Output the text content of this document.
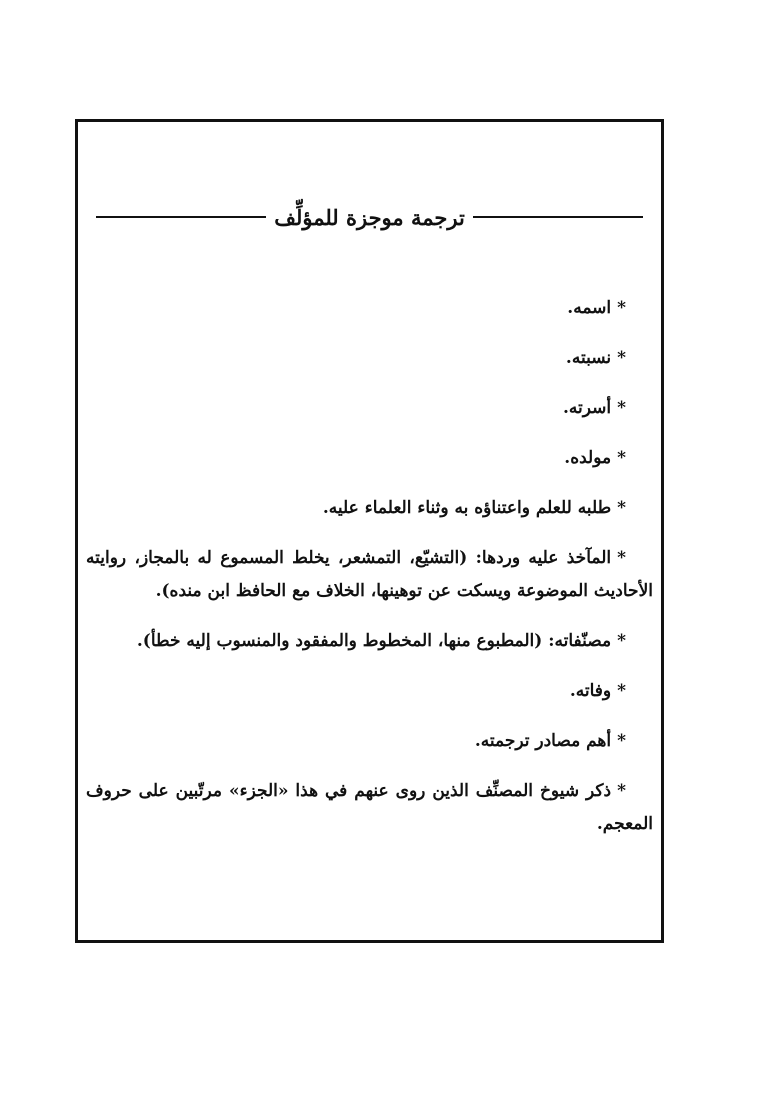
ترجمة موجزة للمؤلِّف
*اسمه.
*نسبته.
*أسرته.
*مولده.
*طلبه للعلم واعتناؤه به وثناء العلماء عليه.
*المآخذ عليه وردها: (التشيّع، التمشعر، يخلط المسموع له بالمجاز، روايته الأحاديث الموضوعة ويسكت عن توهينها، الخلاف مع الحافظ ابن منده).
*مصنّفاته: (المطبوع منها، المخطوط والمفقود والمنسوب إليه خطأ).
*وفاته.
*أهم مصادر ترجمته.
*ذكر شيوخ المصنِّف الذين روى عنهم في هذا «الجزء» مرتّبين على حروف المعجم.
